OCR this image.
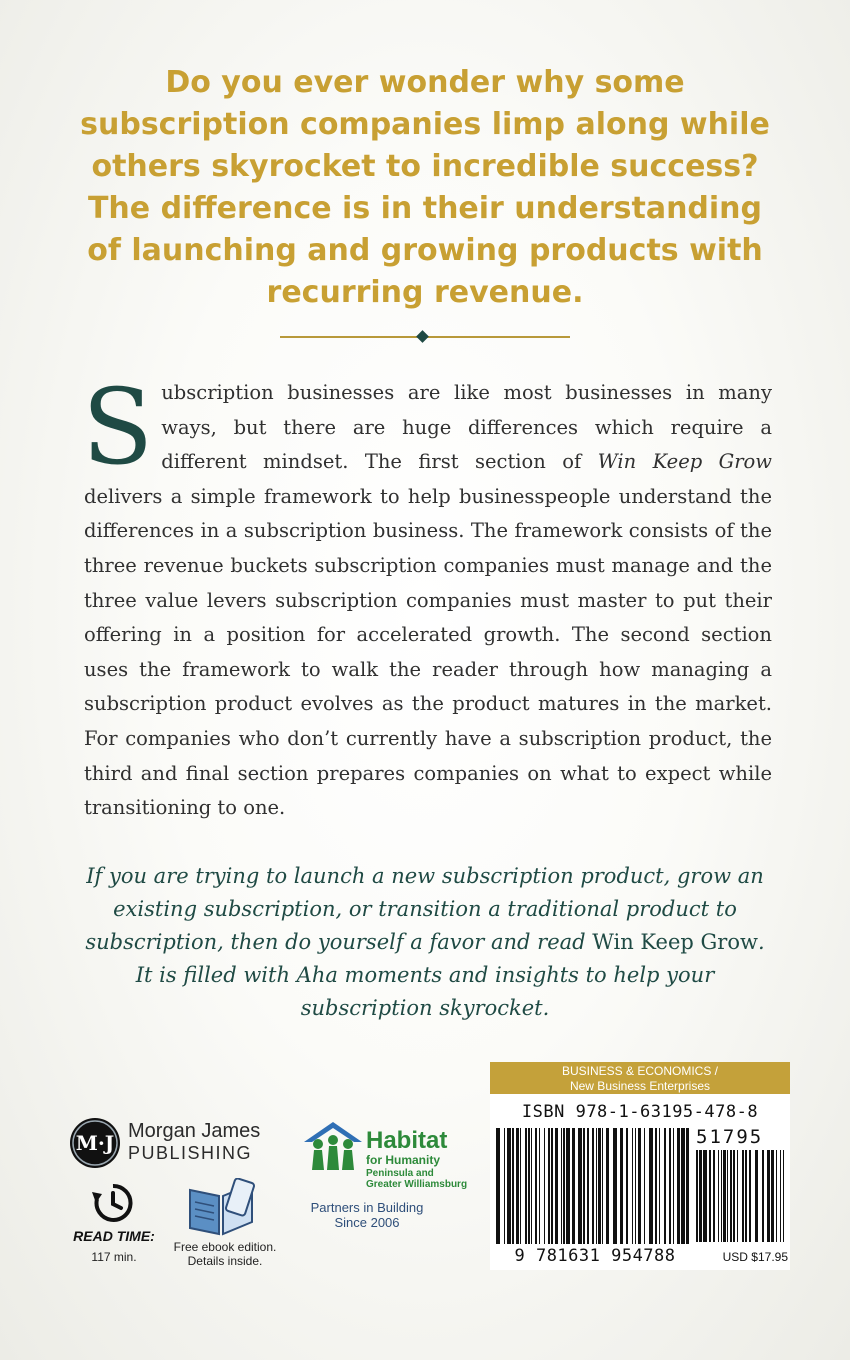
Do you ever wonder why some
subscription companies limp along while
others skyrocket to incredible success?
The difference is in their understanding
of launching and growing products with
recurring revenue.
Subscription businesses are like most businesses in many ways, but there are huge differences which require a different mindset. The first section of Win Keep Grow delivers a simple framework to help businesspeople understand the differences in a subscription business. The framework consists of the three revenue buckets subscription companies must manage and the three value levers subscription companies must master to put their offering in a position for accelerated growth. The second section uses the framework to walk the reader through how managing a subscription product evolves as the product matures in the market. For companies who don’t currently have a subscription product, the third and final section prepares companies on what to expect while transitioning to one.
If you are trying to launch a new subscription product, grow an existing subscription, or transition a traditional product to subscription, then do yourself a favor and read Win Keep Grow. It is filled with Aha moments and insights to help your subscription skyrocket.
BUSINESS & ECONOMICS /
New Business Enterprises
ISBN 978-1-63195-478-8
51795
9 781631 954788	USD $17.95
M·J Morgan James
PUBLISHING
READ TIME:
117 min.
Free ebook edition.
Details inside.
Habitat
for Humanity
Peninsula and
Greater Williamsburg
Partners in Building
Since 2006
